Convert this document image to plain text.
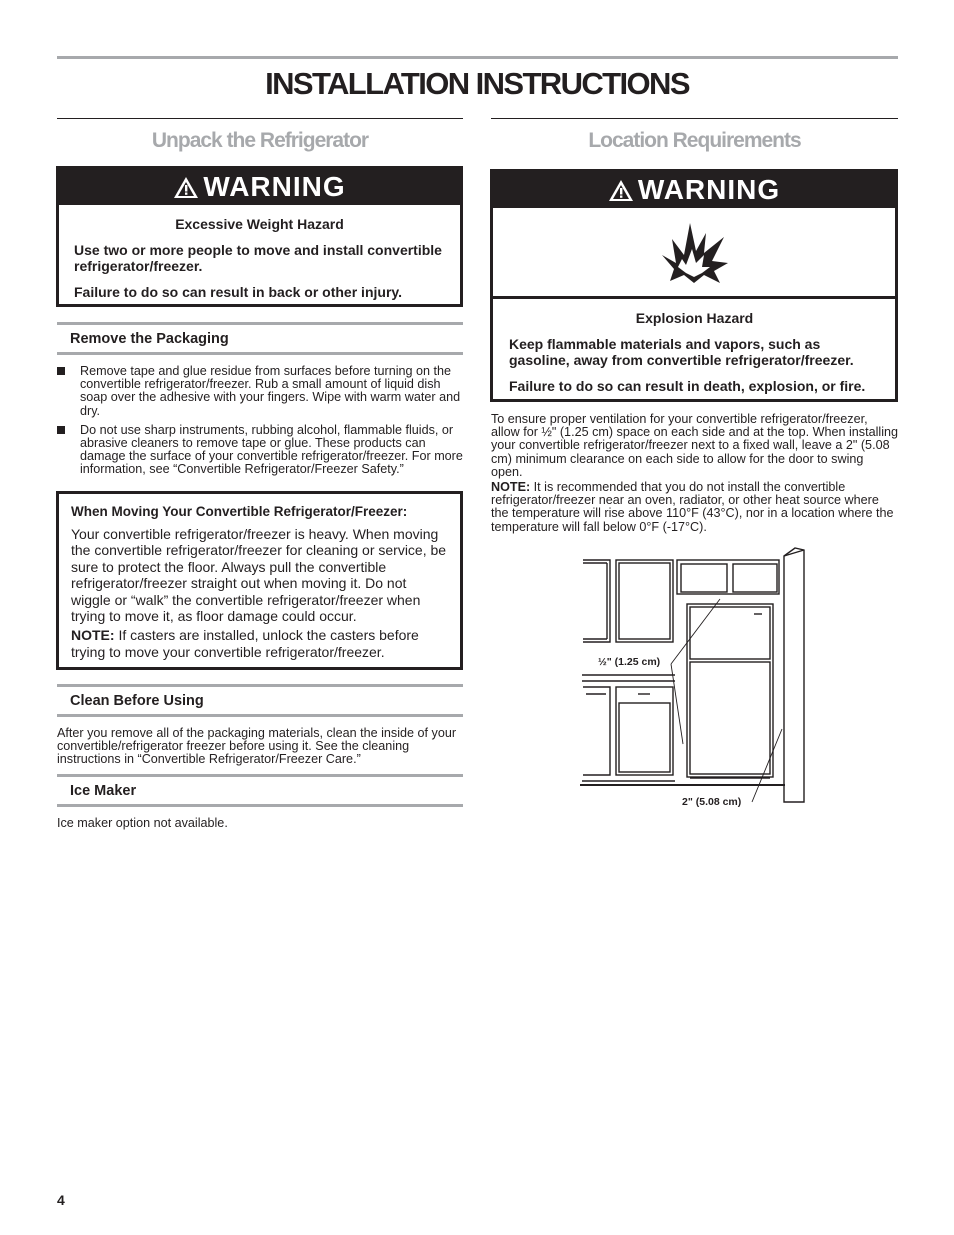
INSTALLATION INSTRUCTIONS
Unpack the Refrigerator
WARNING

Excessive Weight Hazard

Use two or more people to move and install convertible refrigerator/freezer.

Failure to do so can result in back or other injury.

Remove the Packaging
Remove tape and glue residue from surfaces before turning on the convertible refrigerator/freezer. Rub a small amount of liquid dish soap over the adhesive with your fingers. Wipe with warm water and dry.
Do not use sharp instruments, rubbing alcohol, flammable fluids, or abrasive cleaners to remove tape or glue. These products can damage the surface of your convertible refrigerator/freezer. For more information, see “Convertible Refrigerator/Freezer Safety.”
When Moving Your Convertible Refrigerator/Freezer:

Your convertible refrigerator/freezer is heavy. When moving the convertible refrigerator/freezer for cleaning or service, be sure to protect the floor. Always pull the convertible refrigerator/freezer straight out when moving it. Do not wiggle or “walk” the convertible refrigerator/freezer when trying to move it, as floor damage could occur.

NOTE: If casters are installed, unlock the casters before trying to move your convertible refrigerator/freezer.

Clean Before Using
After you remove all of the packaging materials, clean the inside of your convertible/refrigerator freezer before using it. See the cleaning instructions in “Convertible Refrigerator/Freezer Care.”
Ice Maker
Ice maker option not available.
Location Requirements
WARNING

Explosion Hazard

Keep flammable materials and vapors, such as gasoline, away from convertible refrigerator/freezer.

Failure to do so can result in death, explosion, or fire.

To ensure proper ventilation for your convertible refrigerator/freezer, allow for ½" (1.25 cm) space on each side and at the top. When installing your convertible refrigerator/freezer next to a fixed wall, leave a 2" (5.08 cm) minimum clearance on each side to allow for the door to swing open.
NOTE: It is recommended that you do not install the convertible refrigerator/freezer near an oven, radiator, or other heat source where the temperature will rise above 110°F (43°C), nor in a location where the temperature will fall below 0°F (-17°C).
½" (1.25 cm)
2" (5.08 cm)
4
